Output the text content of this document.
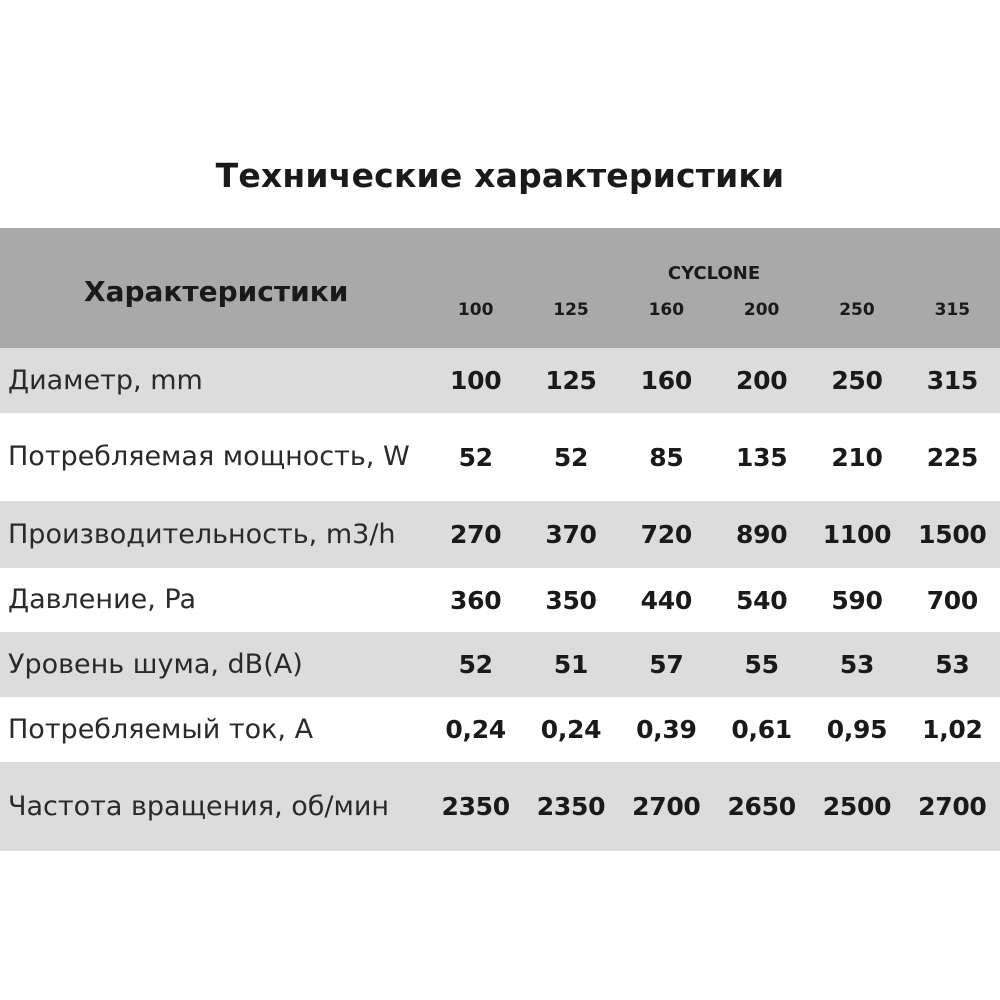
Технические характеристики
Характеристики	CYCLONE					
	100	125	160	200	250	315
Диаметр, mm	100	125	160	200	250	315
Потребляемая мощность, W	52	52	85	135	210	225
Производительность, m3/h	270	370	720	890	1100	1500
Давление, Pa	360	350	440	540	590	700
Уровень шума, dB(A)	52	51	57	55	53	53
Потребляемый ток, A	0,24	0,24	0,39	0,61	0,95	1,02
Частота вращения, об/мин	2350	2350	2700	2650	2500	2700
